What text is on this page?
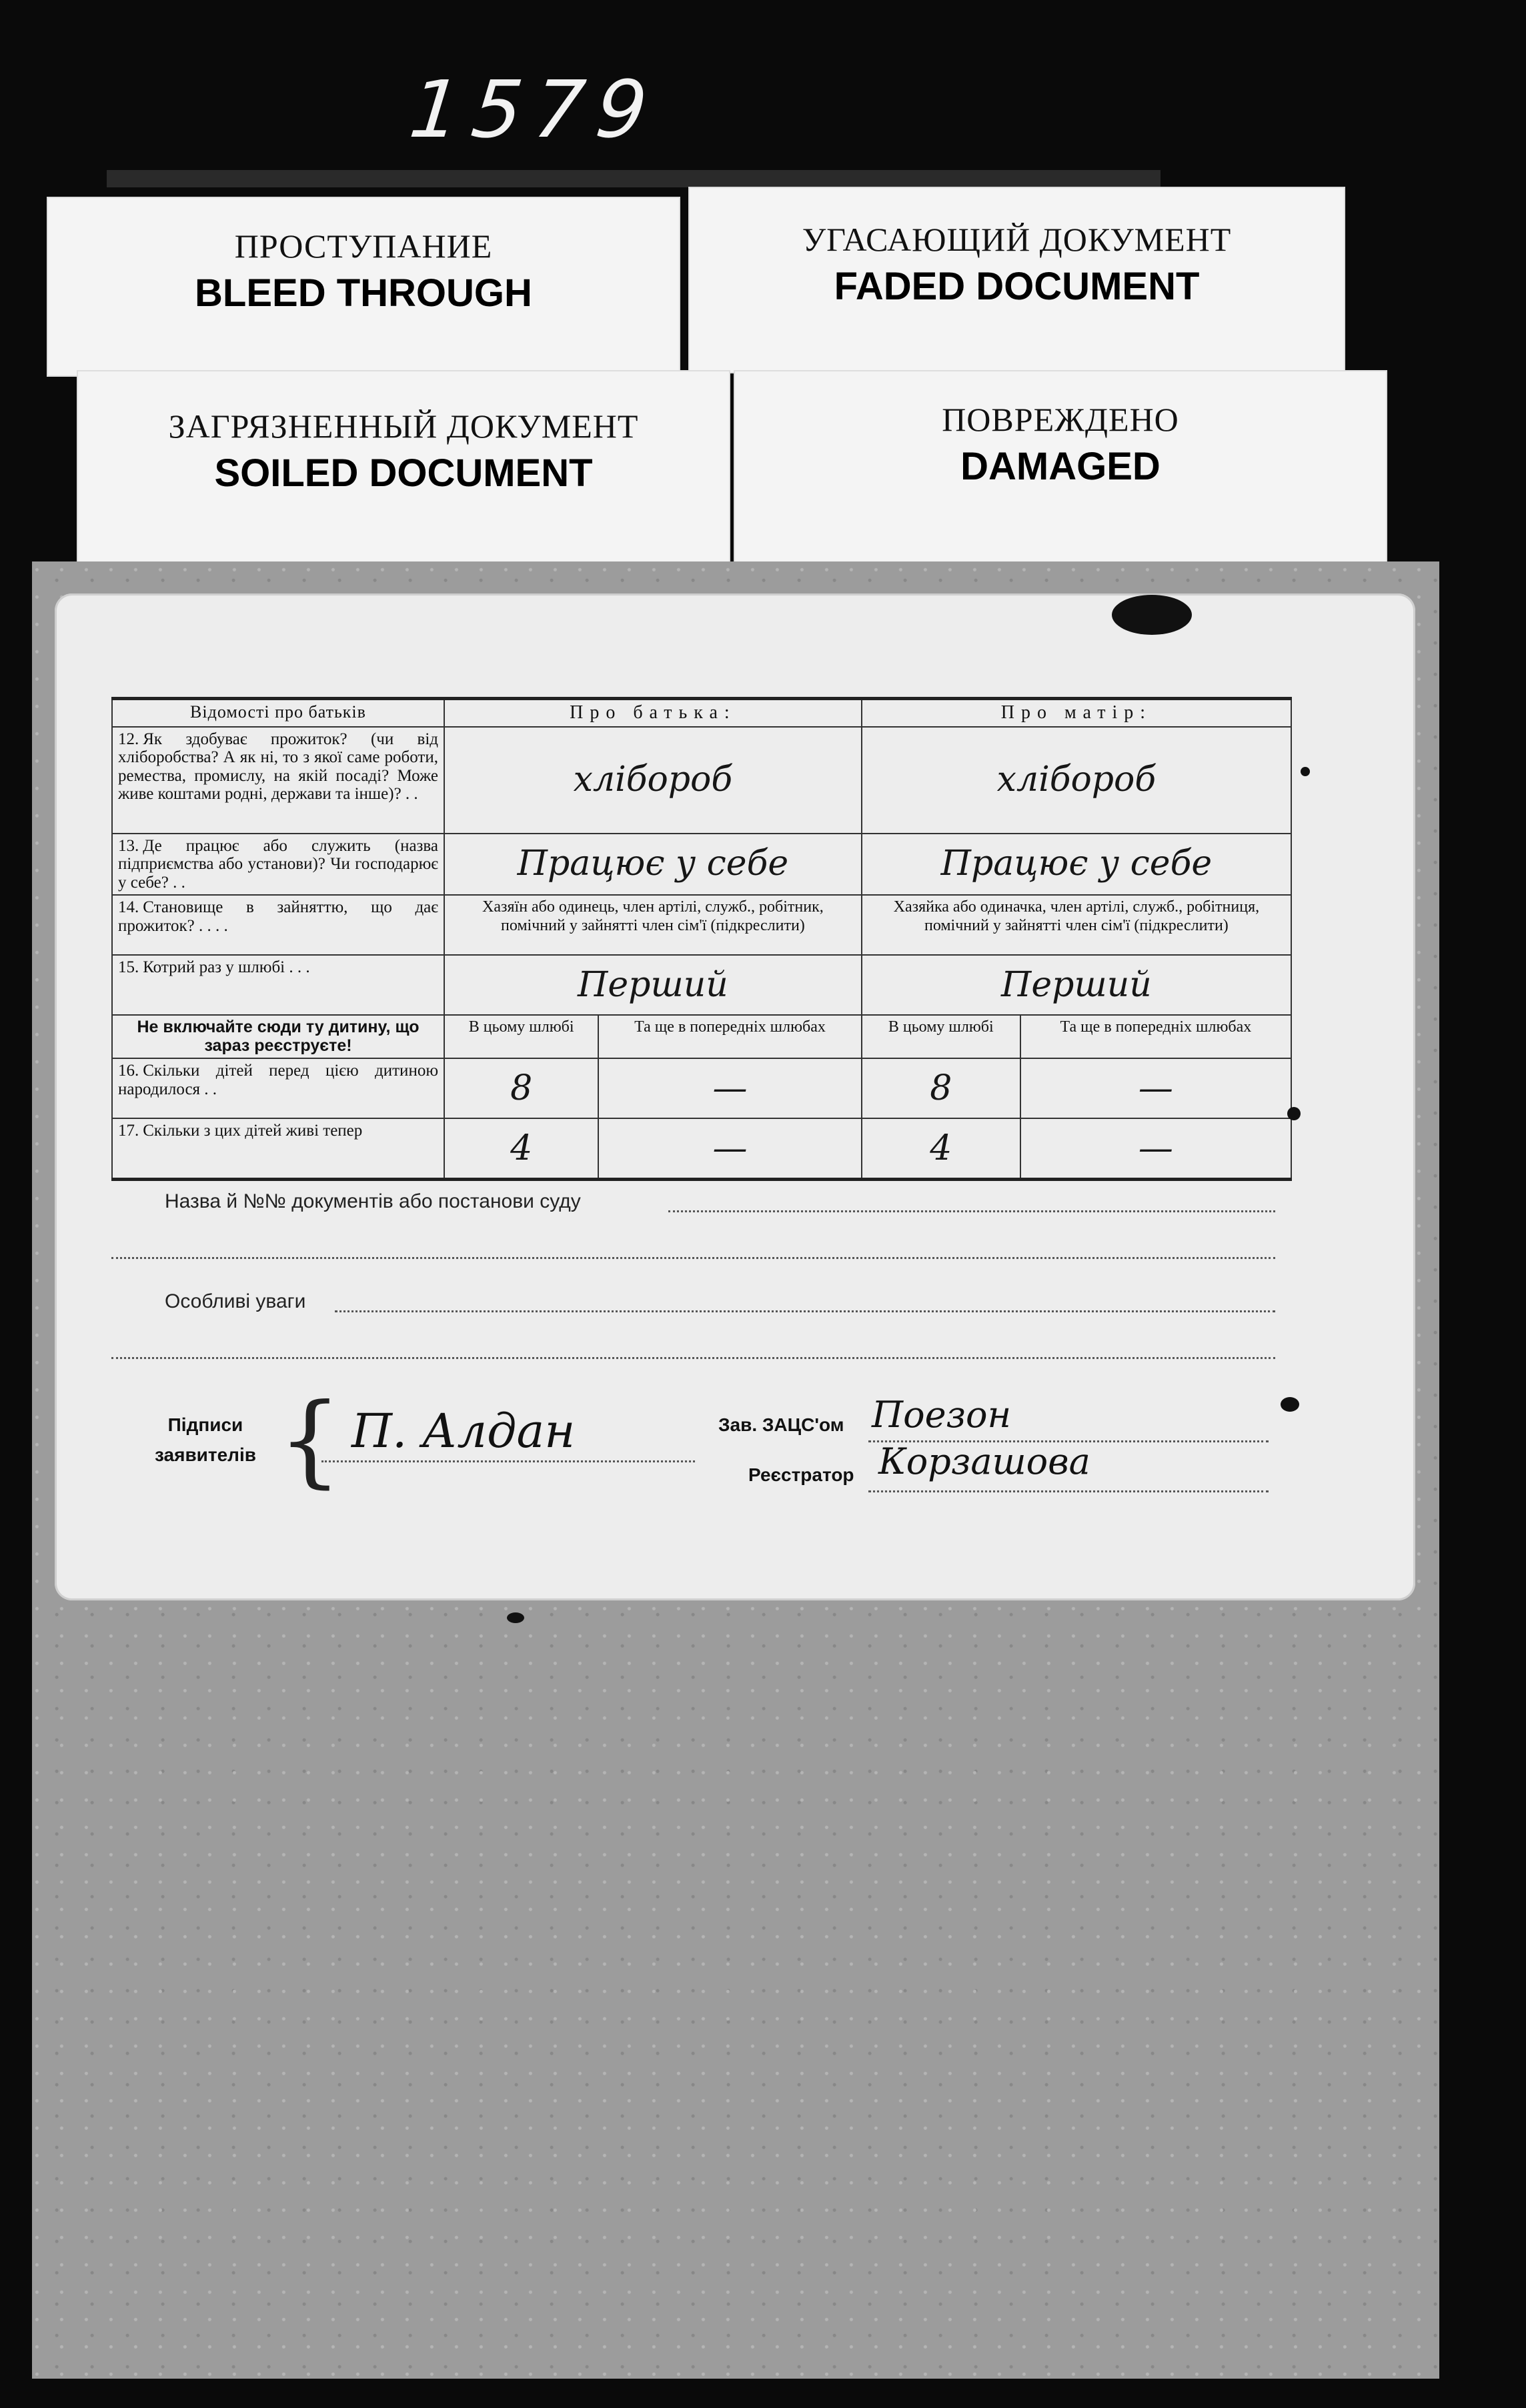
1579
ПРОСТУПАНИЕ
BLEED THROUGH
УГАСАЮЩИЙ ДОКУМЕНТ
FADED DOCUMENT
ЗАГРЯЗНЕННЫЙ ДОКУМЕНТ
SOILED DOCUMENT
ПОВРЕЖДЕНО
DAMAGED
Відомості про батьків	Про батька:		Про матір:	
12. Як здобуває прожиток? (чи від хліборобства? А як ні, то з якої саме роботи, ремества, промислу, на якій посаді? Може живе коштами родні, держави та інше)? . .	хлібороб		хлібороб	
13. Де працює або служить (назва підприємства або установи)? Чи господарює у себе? . .	Працює у себе		Працює у себе	
14. Становище в зайняттю, що дає прожиток? . . . .	Хазяїн або одинець, член артілі, служб., робітник, помічний у зайнятті член сім'ї (підкреслити)		Хазяйка або одиначка, член артілі, служб., робітниця, помічний у зайнятті член сім'ї (підкреслити)	
15. Котрий раз у шлюбі . . .	Перший		Перший	
Не включайте сюди ту дитину, що зараз реєструєте!	В цьому шлюбі	Та ще в попередніх шлюбах	В цьому шлюбі	Та ще в попередніх шлюбах
16. Скільки дітей перед цією дитиною народилося . .	8	—	8	—
17. Скільки з цих дітей живі тепер	4	—	4	—
Назва й №№ документів або постанови суду
Особливі уваги
Підписи
заявителів { П. Алдан	Зав. ЗАЦС'ом Поезон
Реєстратор Корзашова
